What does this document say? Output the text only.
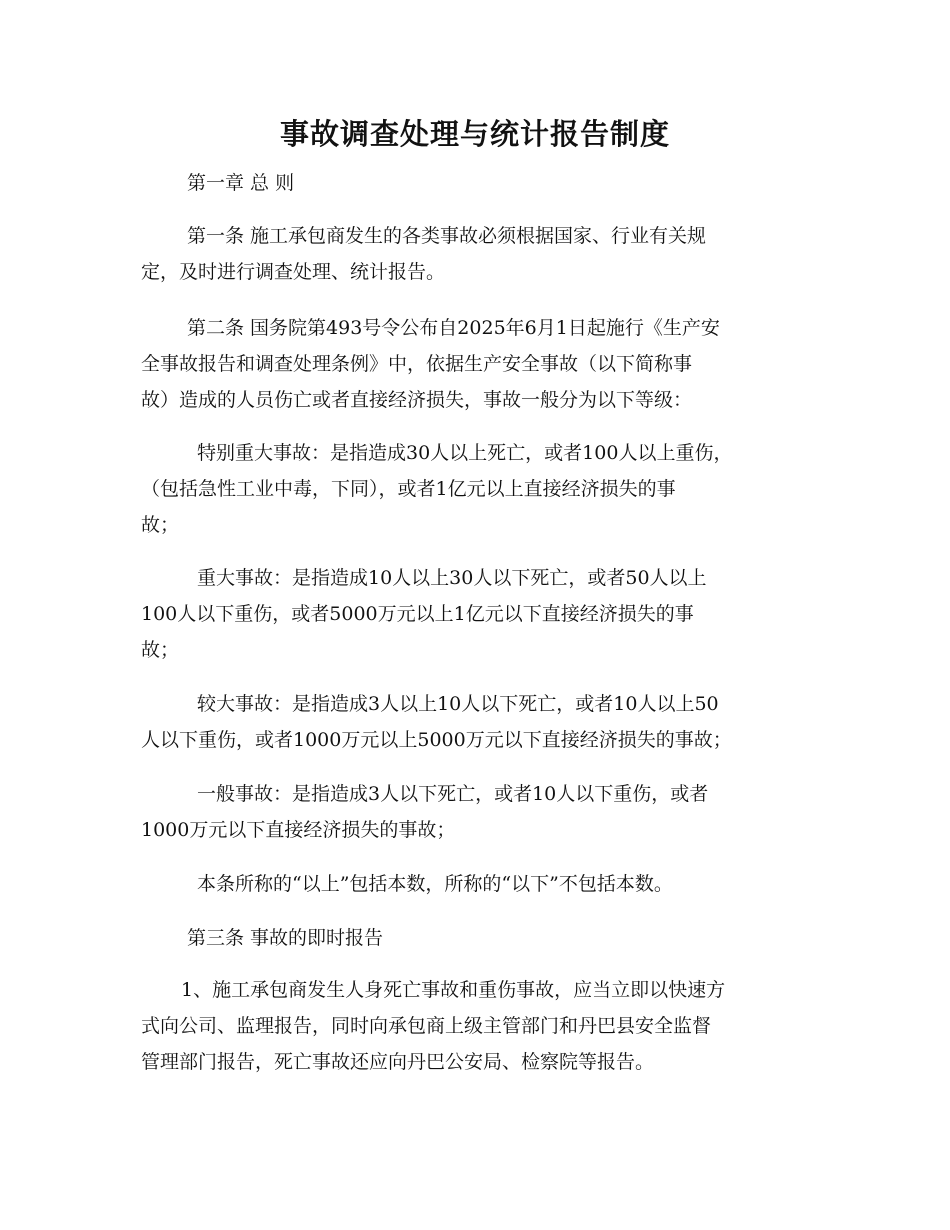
事故调查处理与统计报告制度
第一章 总 则
第一条 施工承包商发生的各类事故必须根据国家、行业有关规
定，及时进行调查处理、统计报告。
第二条 国务院第493号令公布自2025年6月1日起施行《生产安
全事故报告和调查处理条例》中，依据生产安全事故（以下简称事
故）造成的人员伤亡或者直接经济损失，事故一般分为以下等级：
特别重大事故：是指造成30人以上死亡，或者100人以上重伤，
（包括急性工业中毒，下同），或者1亿元以上直接经济损失的事
故；
重大事故：是指造成10人以上30人以下死亡，或者50人以上
100人以下重伤，或者5000万元以上1亿元以下直接经济损失的事
故；
较大事故：是指造成3人以上10人以下死亡，或者10人以上50
人以下重伤，或者1000万元以上5000万元以下直接经济损失的事故；
一般事故：是指造成3人以下死亡，或者10人以下重伤，或者
1000万元以下直接经济损失的事故；
本条所称的“以上”包括本数，所称的“以下”不包括本数。
第三条 事故的即时报告
1、施工承包商发生人身死亡事故和重伤事故，应当立即以快速方
式向公司、监理报告，同时向承包商上级主管部门和丹巴县安全监督
管理部门报告，死亡事故还应向丹巴公安局、检察院等报告。
